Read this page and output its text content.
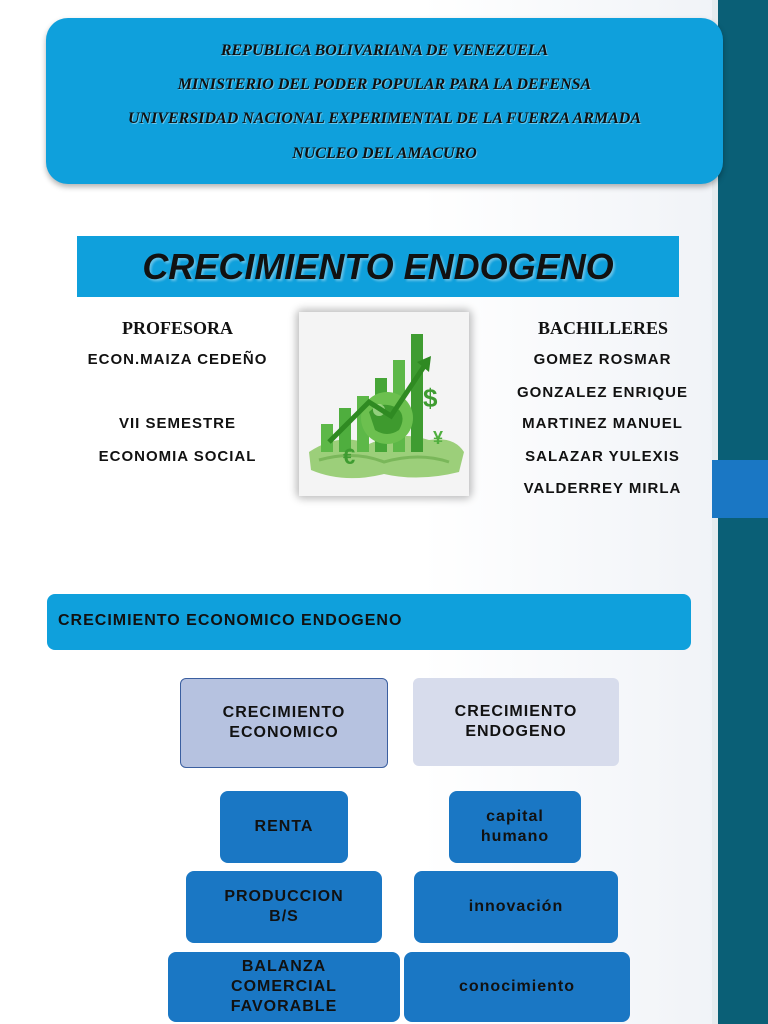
REPUBLICA BOLIVARIANA DE VENEZUELA
MINISTERIO DEL PODER POPULAR PARA LA DEFENSA
UNIVERSIDAD NACIONAL EXPERIMENTAL DE LA FUERZA ARMADA
NUCLEO DEL AMACURO
CRECIMIENTO ENDOGENO
PROFESORA
ECON.MAIZA CEDEÑO
VII SEMESTRE
ECONOMIA SOCIAL
$
€
¥
BACHILLERES
GOMEZ ROSMAR
GONZALEZ ENRIQUE
MARTINEZ MANUEL
SALAZAR YULEXIS
VALDERREY MIRLA
CRECIMIENTO ECONOMICO ENDOGENO
CRECIMIENTO
ECONOMICO
CRECIMIENTO
ENDOGENO
RENTA
PRODUCCION
B/S
BALANZA
COMERCIAL
FAVORABLE
capital
humano
innovación
conocimiento
